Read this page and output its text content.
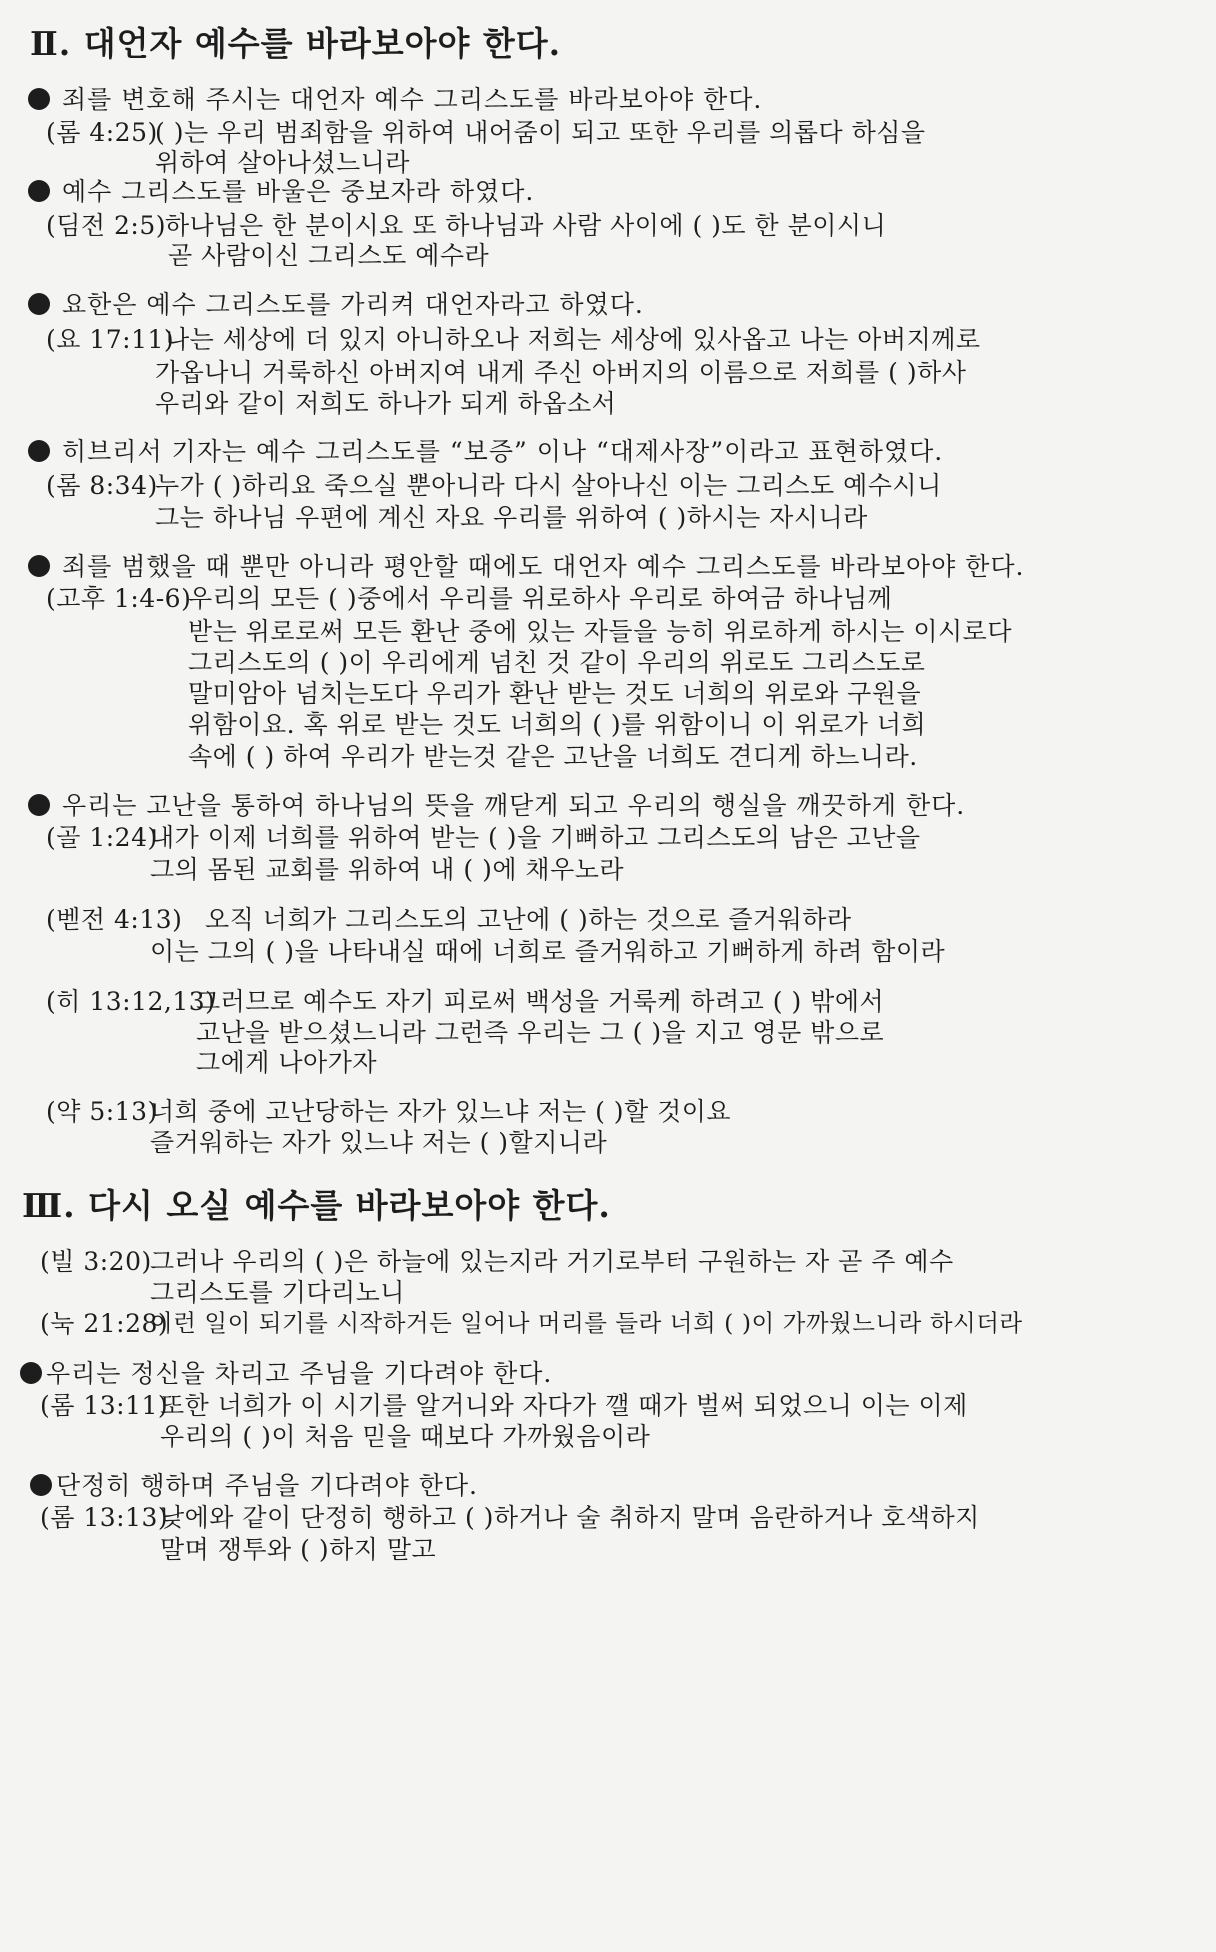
Ⅱ. 대언자 예수를 바라보아야 한다.
죄를 변호해 주시는 대언자 예수 그리스도를 바라보아야 한다.
(롬 4:25)
( )는 우리 범죄함을 위하여 내어줌이 되고 또한 우리를 의롭다 하심을
위하여 살아나셨느니라
예수 그리스도를 바울은 중보자라 하였다.
(딤전 2:5) 하나님은 한 분이시요 또 하나님과 사람 사이에 ( )도 한 분이시니
곧 사람이신 그리스도 예수라
요한은 예수 그리스도를 가리켜 대언자라고 하였다.
(요 17:11)
나는 세상에 더 있지 아니하오나 저희는 세상에 있사옵고 나는 아버지께로
가옵나니 거룩하신 아버지여 내게 주신 아버지의 이름으로 저희를 ( )하사
우리와 같이 저희도 하나가 되게 하옵소서
히브리서 기자는 예수 그리스도를 “보증” 이나 “대제사장”이라고 표현하였다.
(롬 8:34)
누가 ( )하리요 죽으실 뿐아니라 다시 살아나신 이는 그리스도 예수시니
그는 하나님 우편에 계신 자요 우리를 위하여 ( )하시는 자시니라
죄를 범했을 때 뿐만 아니라 평안할 때에도 대언자 예수 그리스도를 바라보아야 한다.
(고후 1:4-6)
우리의 모든 ( )중에서 우리를 위로하사 우리로 하여금 하나님께
받는 위로로써 모든 환난 중에 있는 자들을 능히 위로하게 하시는 이시로다
그리스도의 ( )이 우리에게 넘친 것 같이 우리의 위로도 그리스도로
말미암아 넘치는도다 우리가 환난 받는 것도 너희의 위로와 구원을
위함이요. 혹 위로 받는 것도 너희의 ( )를 위함이니 이 위로가 너희
속에 ( ) 하여 우리가 받는것 같은 고난을 너희도 견디게 하느니라.
우리는 고난을 통하여 하나님의 뜻을 깨닫게 되고 우리의 행실을 깨끗하게 한다.
(골 1:24)
내가 이제 너희를 위하여 받는 ( )을 기뻐하고 그리스도의 남은 고난을
그의 몸된 교회를 위하여 내 ( )에 채우노라
(벧전 4:13) 오직 너희가 그리스도의 고난에 ( )하는 것으로 즐거워하라
이는 그의 ( )을 나타내실 때에 너희로 즐거워하고 기뻐하게 하려 함이라
(히 13:12,13)
그러므로 예수도 자기 피로써 백성을 거룩케 하려고 ( ) 밖에서
고난을 받으셨느니라 그런즉 우리는 그 ( )을 지고 영문 밖으로
그에게 나아가자
(약 5:13)
너희 중에 고난당하는 자가 있느냐 저는 ( )할 것이요
즐거워하는 자가 있느냐 저는 ( )할지니라
Ⅲ. 다시 오실 예수를 바라보아야 한다.
(빌 3:20)
그러나 우리의 ( )은 하늘에 있는지라 거기로부터 구원하는 자 곧 주 예수
그리스도를 기다리노니
(눅 21:28)
이런 일이 되기를 시작하거든 일어나 머리를 들라 너희 ( )이 가까웠느니라 하시더라
우리는 정신을 차리고 주님을 기다려야 한다.
(롬 13:11)
또한 너희가 이 시기를 알거니와 자다가 깰 때가 벌써 되었으니 이는 이제
우리의 ( )이 처음 믿을 때보다 가까웠음이라
단정히 행하며 주님을 기다려야 한다.
(롬 13:13)
낮에와 같이 단정히 행하고 ( )하거나 술 취하지 말며 음란하거나 호색하지
말며 쟁투와 ( )하지 말고
